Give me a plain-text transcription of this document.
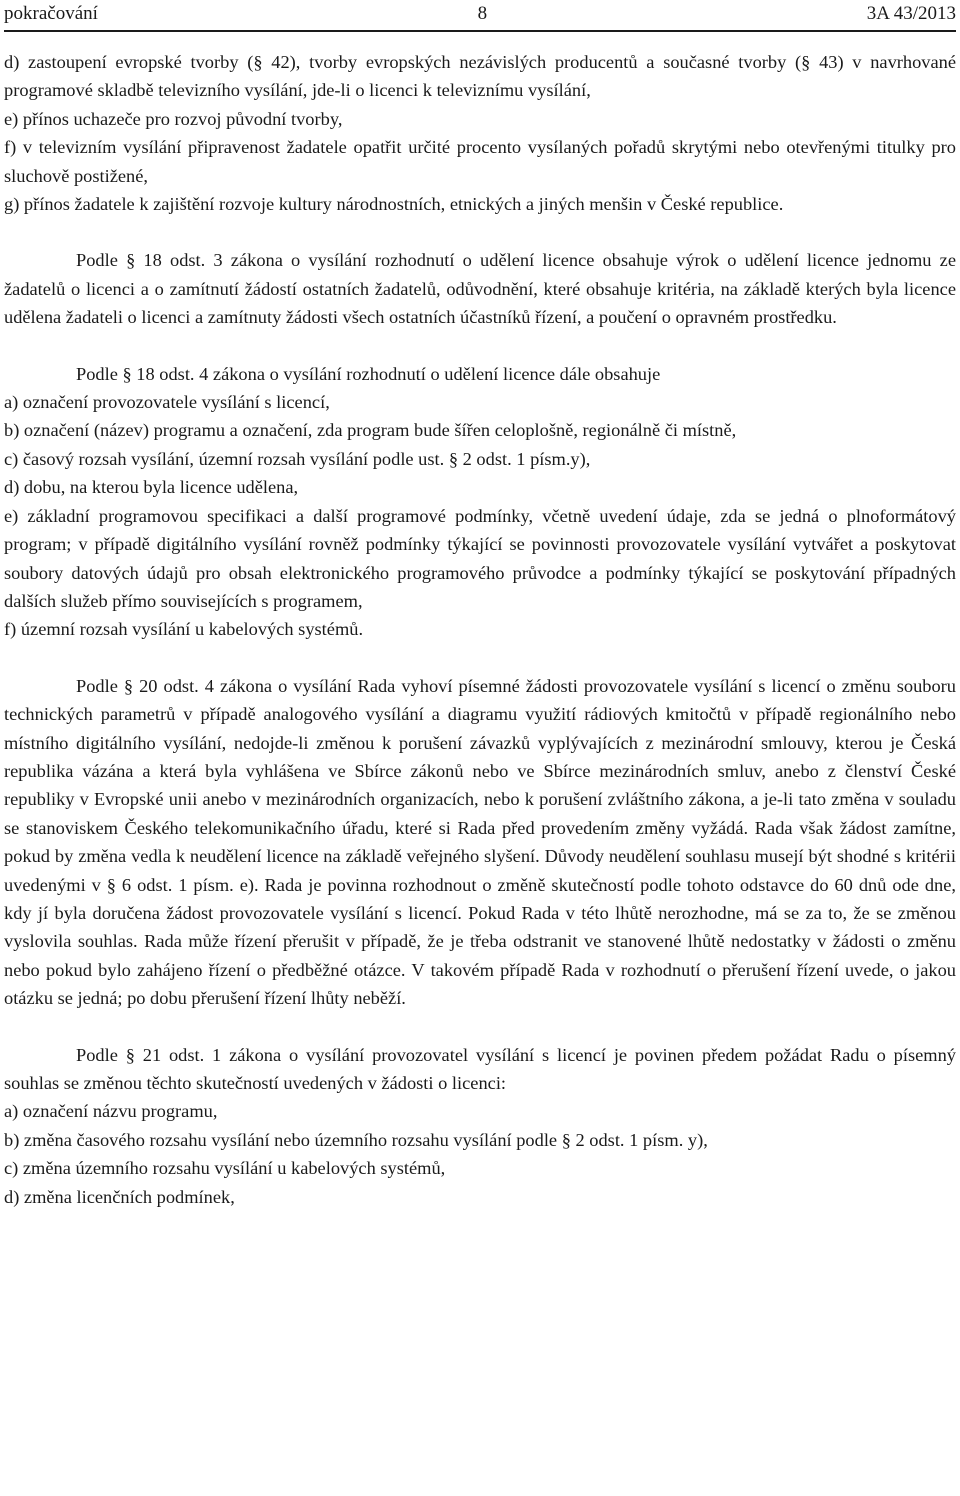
pokračování	8	3A 43/2013

d) zastoupení evropské tvorby (§ 42), tvorby evropských nezávislých producentů a současné tvorby (§ 43) v navrhované programové skladbě televizního vysílání, jde-li o licenci k televiznímu vysílání,

e) přínos uchazeče pro rozvoj původní tvorby,

f) v televizním vysílání připravenost žadatele opatřit určité procento vysílaných pořadů skrytými nebo otevřenými titulky pro sluchově postižené,

g) přínos žadatele k zajištění rozvoje kultury národnostních, etnických a jiných menšin v České republice.

Podle § 18 odst. 3 zákona o vysílání rozhodnutí o udělení licence obsahuje výrok o udělení licence jednomu ze žadatelů o licenci a o zamítnutí žádostí ostatních žadatelů, odůvodnění, které obsahuje kritéria, na základě kterých byla licence udělena žadateli o licenci a zamítnuty žádosti všech ostatních účastníků řízení, a poučení o opravném prostředku.

Podle § 18 odst. 4 zákona o vysílání rozhodnutí o udělení licence dále obsahuje

a) označení provozovatele vysílání s licencí,

b) označení (název) programu a označení, zda program bude šířen celoplošně, regionálně či místně,

c) časový rozsah vysílání, územní rozsah vysílání podle ust. § 2 odst. 1 písm.y),

d) dobu, na kterou byla licence udělena,

e) základní programovou specifikaci a další programové podmínky, včetně uvedení údaje, zda se jedná o plnoformátový program; v případě digitálního vysílání rovněž podmínky týkající se povinnosti provozovatele vysílání vytvářet a poskytovat soubory datových údajů pro obsah elektronického programového průvodce a podmínky týkající se poskytování případných dalších služeb přímo souvisejících s programem,

f) územní rozsah vysílání u kabelových systémů.

Podle § 20 odst. 4 zákona o vysílání Rada vyhoví písemné žádosti provozovatele vysílání s licencí o změnu souboru technických parametrů v případě analogového vysílání a diagramu využití rádiových kmitočtů v případě regionálního nebo místního digitálního vysílání, nedojde-li změnou k porušení závazků vyplývajících z mezinárodní smlouvy, kterou je Česká republika vázána a která byla vyhlášena ve Sbírce zákonů nebo ve Sbírce mezinárodních smluv, anebo z členství České republiky v Evropské unii anebo v mezinárodních organizacích, nebo k porušení zvláštního zákona, a je-li tato změna v souladu se stanoviskem Českého telekomunikačního úřadu, které si Rada před provedením změny vyžádá. Rada však žádost zamítne, pokud by změna vedla k neudělení licence na základě veřejného slyšení. Důvody neudělení souhlasu musejí být shodné s kritérii uvedenými v § 6 odst. 1 písm. e). Rada je povinna rozhodnout o změně skutečností podle tohoto odstavce do 60 dnů ode dne, kdy jí byla doručena žádost provozovatele vysílání s licencí. Pokud Rada v této lhůtě nerozhodne, má se za to, že se změnou vyslovila souhlas. Rada může řízení přerušit v případě, že je třeba odstranit ve stanovené lhůtě nedostatky v žádosti o změnu nebo pokud bylo zahájeno řízení o předběžné otázce. V takovém případě Rada v rozhodnutí o přerušení řízení uvede, o jakou otázku se jedná; po dobu přerušení řízení lhůty neběží.

Podle § 21 odst. 1 zákona o vysílání provozovatel vysílání s licencí je povinen předem požádat Radu o písemný souhlas se změnou těchto skutečností uvedených v žádosti o licenci:

a) označení názvu programu,

b) změna časového rozsahu vysílání nebo územního rozsahu vysílání podle § 2 odst. 1 písm. y),

c) změna územního rozsahu vysílání u kabelových systémů,

d) změna licenčních podmínek,
